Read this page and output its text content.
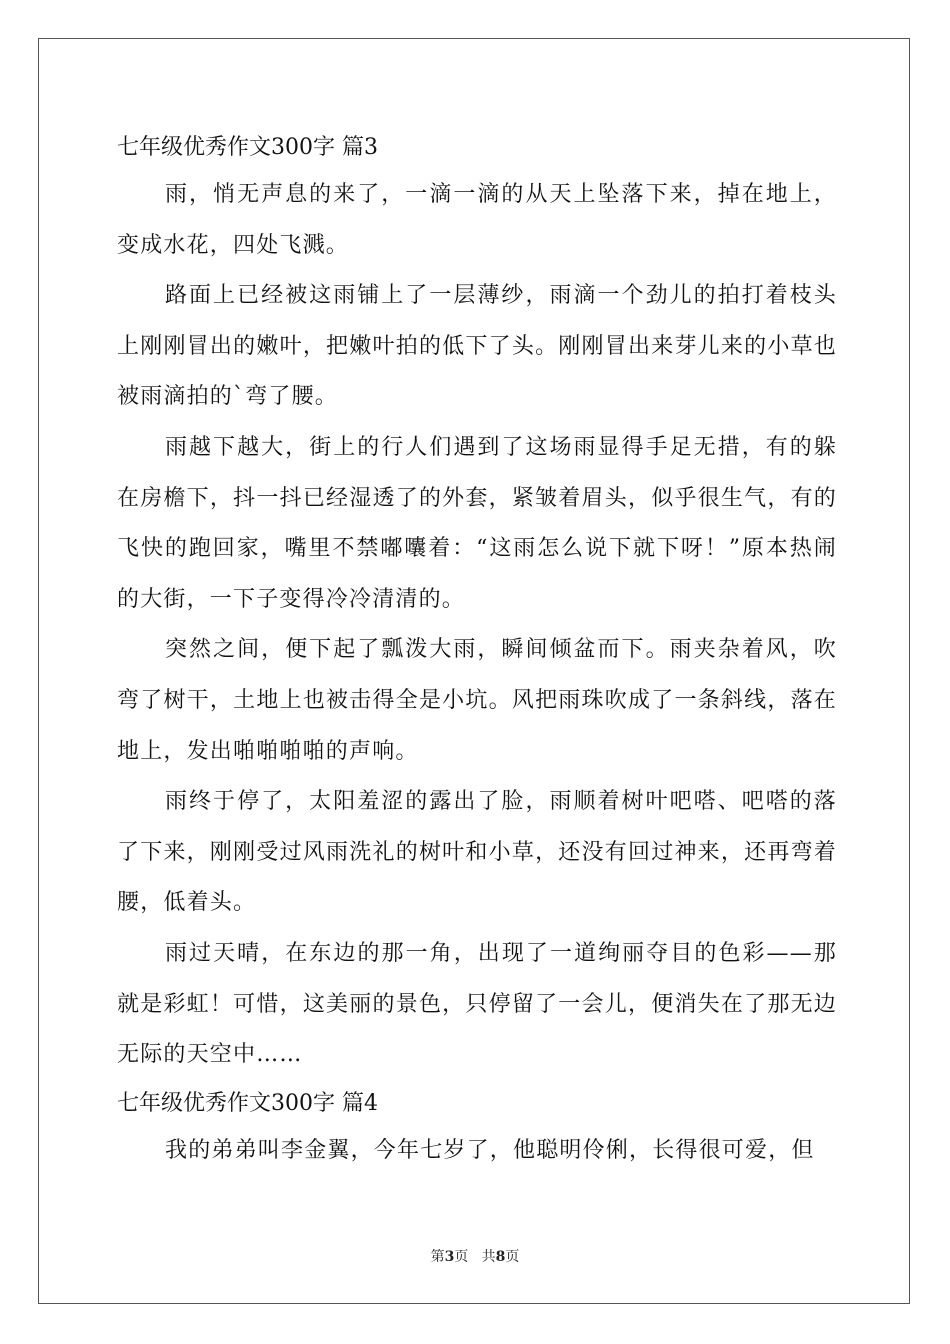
七年级优秀作文300字 篇3

雨，悄无声息的来了，一滴一滴的从天上坠落下来，掉在地上，变成水花，四处飞溅。

路面上已经被这雨铺上了一层薄纱，雨滴一个劲儿的拍打着枝头上刚刚冒出的嫩叶，把嫩叶拍的低下了头。刚刚冒出来芽儿来的小草也被雨滴拍的`弯了腰。

雨越下越大，街上的行人们遇到了这场雨显得手足无措，有的躲在房檐下，抖一抖已经湿透了的外套，紧皱着眉头，似乎很生气，有的飞快的跑回家，嘴里不禁嘟囔着：“这雨怎么说下就下呀！”原本热闹的大街，一下子变得冷冷清清的。

突然之间，便下起了瓢泼大雨，瞬间倾盆而下。雨夹杂着风，吹弯了树干，土地上也被击得全是小坑。风把雨珠吹成了一条斜线，落在地上，发出啪啪啪啪的声响。

雨终于停了，太阳羞涩的露出了脸，雨顺着树叶吧嗒、吧嗒的落了下来，刚刚受过风雨洗礼的树叶和小草，还没有回过神来，还再弯着腰，低着头。

雨过天晴，在东边的那一角，出现了一道绚丽夺目的色彩——那就是彩虹！可惜，这美丽的景色，只停留了一会儿，便消失在了那无边无际的天空中……

七年级优秀作文300字 篇4

我的弟弟叫李金翼，今年七岁了，他聪明伶俐，长得很可爱，但

第3页   共8页
